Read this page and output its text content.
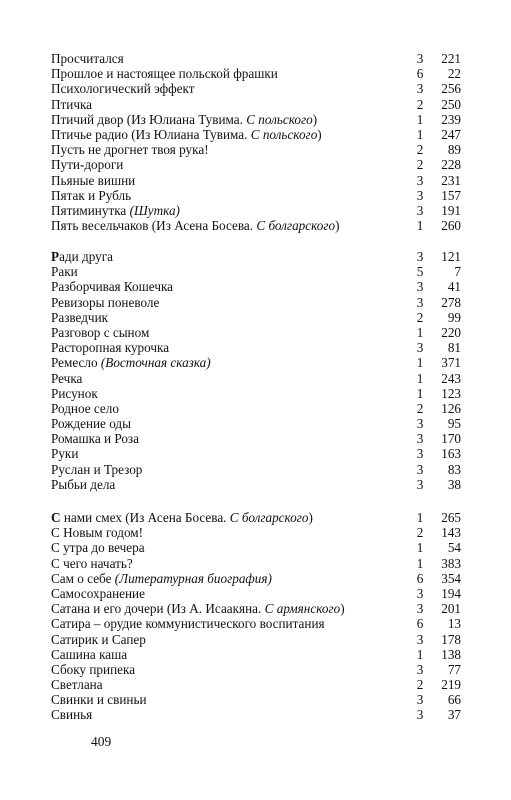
Просчитался	3	221
Прошлое и настоящее польской фрашки	6	22
Психологический эффект	3	256
Птичка	2	250
Птичий двор (Из Юлиана Тувима. С польского)	1	239
Птичье радио (Из Юлиана Тувима. С польского)	1	247
Пусть не дрогнет твоя рука!	2	89
Пути-дороги	2	228
Пьяные вишни	3	231
Пятак и Рубль	3	157
Пятиминутка (Шутка)	3	191
Пять весельчаков (Из Асена Босева. С болгарского)	1	260
Ради друга	3	121
Раки	5	7
Разборчивая Кошечка	3	41
Ревизоры поневоле	3	278
Разведчик	2	99
Разговор с сыном	1	220
Расторопная курочка	3	81
Ремесло (Восточная сказка)	1	371
Речка	1	243
Рисунок	1	123
Родное село	2	126
Рождение оды	3	95
Ромашка и Роза	3	170
Руки	3	163
Руслан и Трезор	3	83
Рыбьи дела	3	38
С нами смех (Из Асена Босева. С болгарского)	1	265
С Новым годом!	2	143
С утра до вечера	1	54
С чего начать?	1	383
Сам о себе (Литературная биография)	6	354
Самосохранение	3	194
Сатана и его дочери (Из А. Исаакяна. С армянского)	3	201
Сатира – орудие коммунистического воспитания	6	13
Сатирик и Сапер	3	178
Сашина каша	1	138
Сбоку припека	3	77
Светлана	2	219
Свинки и свиньи	3	66
Свинья	3	37
409
